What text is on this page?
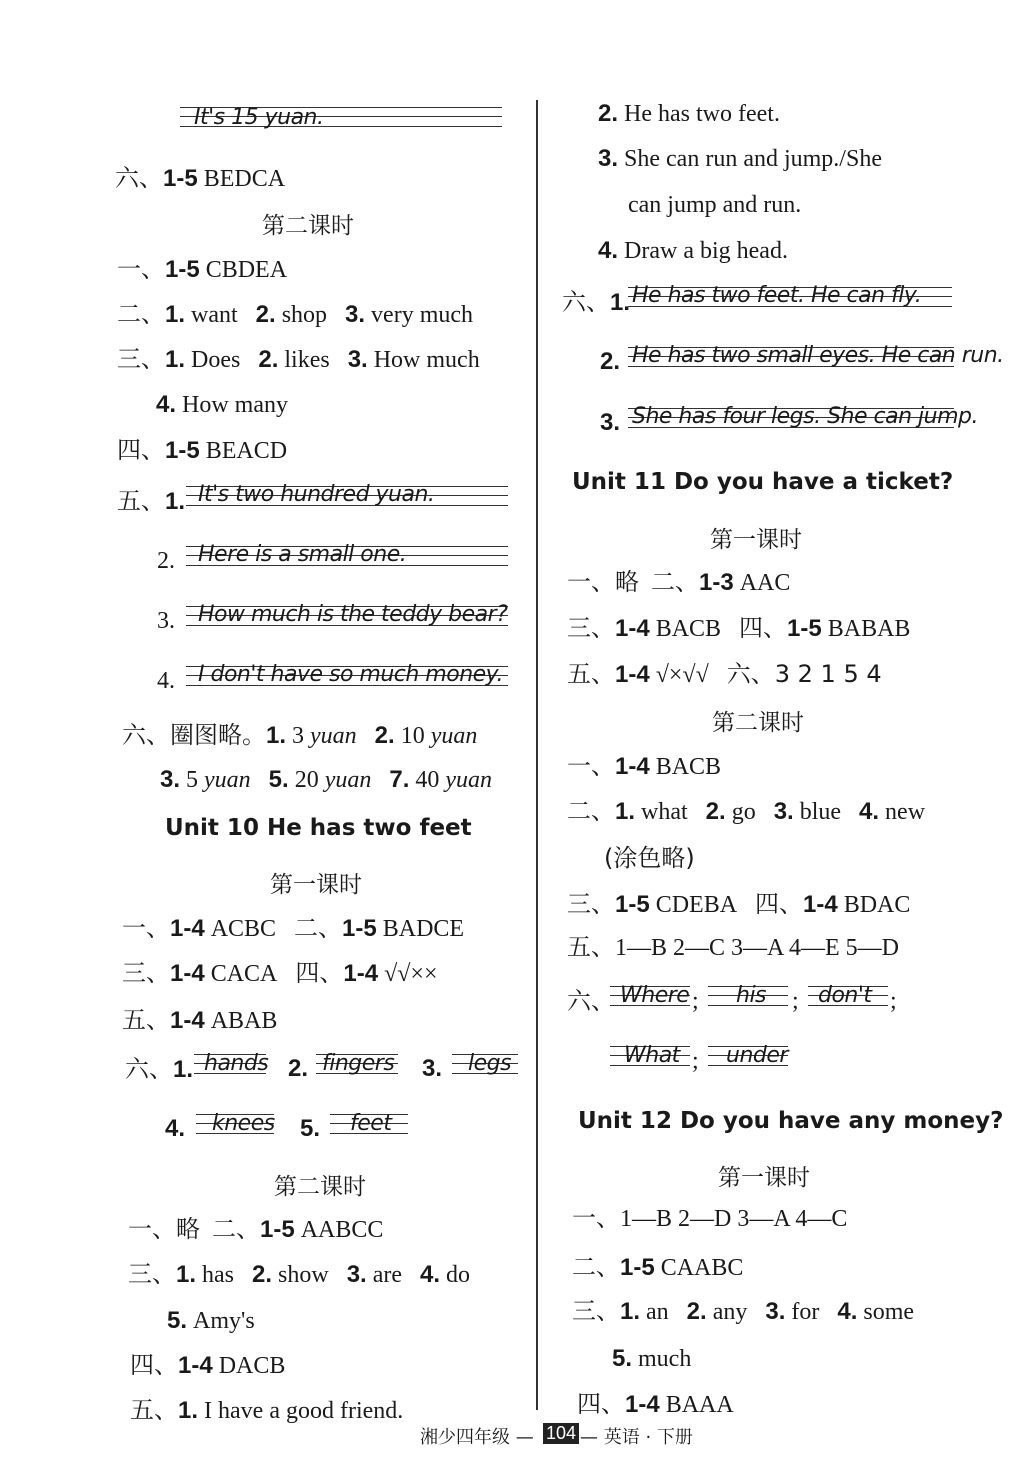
It's 15 yuan.
六、1-5 BEDCA
第二课时
一、1-5 CBDEA
二、1. want 2. shop 3. very much
三、1. Does 2. likes 3. How much
4. How many
四、1-5 BEACD
五、1. It's two hundred yuan.
2. Here is a small one.
3. How much is the teddy bear?
4. I don't have so much money.
六、圈图略。1. 3 yuan 2. 10 yuan
3. 5 yuan 5. 20 yuan 7. 40 yuan
Unit 10 He has two feet
第一课时
一、1-4 ACBC 二、1-5 BADCE
三、1-4 CACA 四、1-4 √√××
五、1-4 ABAB
六、1. hands 2. fingers 3. legs
4. knees 5. feet
第二课时
一、略 二、1-5 AABCC
三、1. has 2. show 3. are 4. do
5. Amy's
四、1-4 DACB
五、1. I have a good friend.
2. He has two feet.
3. She can run and jump./She
can jump and run.
4. Draw a big head.
六、1. He has two feet. He can fly.
2. He has two small eyes. He can run.
3. She has four legs. She can jump.
Unit 11 Do you have a ticket?
第一课时
一、略 二、1-3 AAC
三、1-4 BACB 四、1-5 BABAB
五、1-4 √×√√ 六、3 2 1 5 4
第二课时
一、1-4 BACB
二、1. what 2. go 3. blue 4. new
(涂色略)
三、1-5 CDEBA 四、1-4 BDAC
五、1—B 2—C 3—A 4—E 5—D
六、 Where ; his ; don't ;
What ; under
Unit 12 Do you have any money?
第一课时
一、1—B 2—D 3—A 4—C
二、1-5 CAABC
三、1. an 2. any 3. for 4. some
5. much
四、1-4 BAAA
湘少四年级 — 104 — 英语 · 下册
